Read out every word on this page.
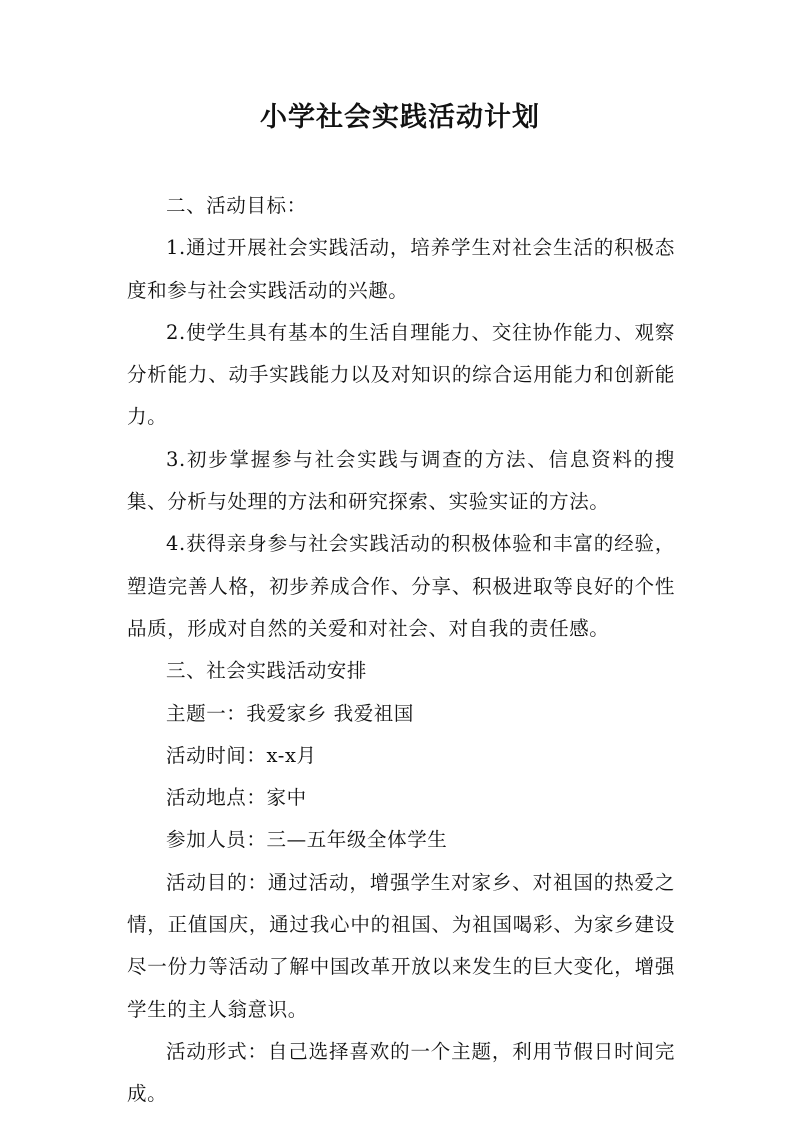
小学社会实践活动计划

二、活动目标：

1.通过开展社会实践活动，培养学生对社会生活的积极态度和参与社会实践活动的兴趣。

2.使学生具有基本的生活自理能力、交往协作能力、观察分析能力、动手实践能力以及对知识的综合运用能力和创新能力。

3.初步掌握参与社会实践与调查的方法、信息资料的搜集、分析与处理的方法和研究探索、实验实证的方法。

4.获得亲身参与社会实践活动的积极体验和丰富的经验，塑造完善人格，初步养成合作、分享、积极进取等良好的个性品质，形成对自然的关爱和对社会、对自我的责任感。

三、社会实践活动安排

主题一：我爱家乡 我爱祖国

活动时间：x-x月

活动地点：家中

参加人员：三—五年级全体学生

活动目的：通过活动，增强学生对家乡、对祖国的热爱之情，正值国庆，通过我心中的祖国、为祖国喝彩、为家乡建设尽一份力等活动了解中国改革开放以来发生的巨大变化，增强学生的主人翁意识。

活动形式：自己选择喜欢的一个主题，利用节假日时间完成。
